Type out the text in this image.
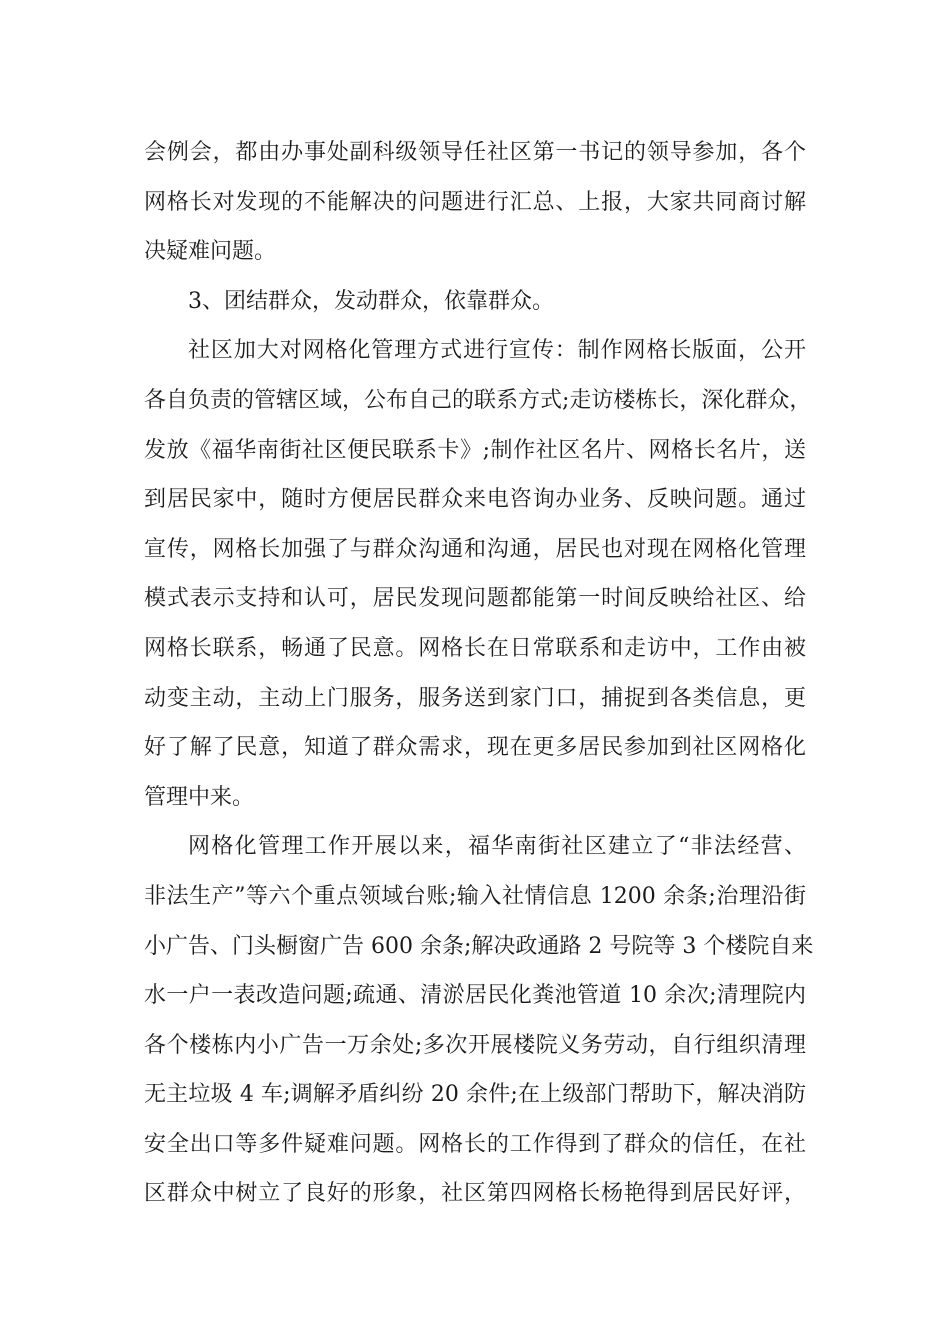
会例会，都由办事处副科级领导任社区第一书记的领导参加，各个
网格长对发现的不能解决的问题进行汇总、上报，大家共同商讨解
决疑难问题。
3、团结群众，发动群众，依靠群众。
社区加大对网格化管理方式进行宣传：制作网格长版面，公开
各自负责的管辖区域，公布自己的联系方式;走访楼栋长，深化群众，
发放《福华南街社区便民联系卡》;制作社区名片、网格长名片，送
到居民家中，随时方便居民群众来电咨询办业务、反映问题。通过
宣传，网格长加强了与群众沟通和沟通，居民也对现在网格化管理
模式表示支持和认可，居民发现问题都能第一时间反映给社区、给
网格长联系，畅通了民意。网格长在日常联系和走访中，工作由被
动变主动，主动上门服务，服务送到家门口，捕捉到各类信息，更
好了解了民意，知道了群众需求，现在更多居民参加到社区网格化
管理中来。
网格化管理工作开展以来，福华南街社区建立了“非法经营、
非法生产”等六个重点领域台账;输入社情信息 1200 余条;治理沿街
小广告、门头橱窗广告 600 余条;解决政通路 2 号院等 3 个楼院自来
水一户一表改造问题;疏通、清淤居民化粪池管道 10 余次;清理院内
各个楼栋内小广告一万余处;多次开展楼院义务劳动，自行组织清理
无主垃圾 4 车;调解矛盾纠纷 20 余件;在上级部门帮助下，解决消防
安全出口等多件疑难问题。网格长的工作得到了群众的信任，在社
区群众中树立了良好的形象，社区第四网格长杨艳得到居民好评，
